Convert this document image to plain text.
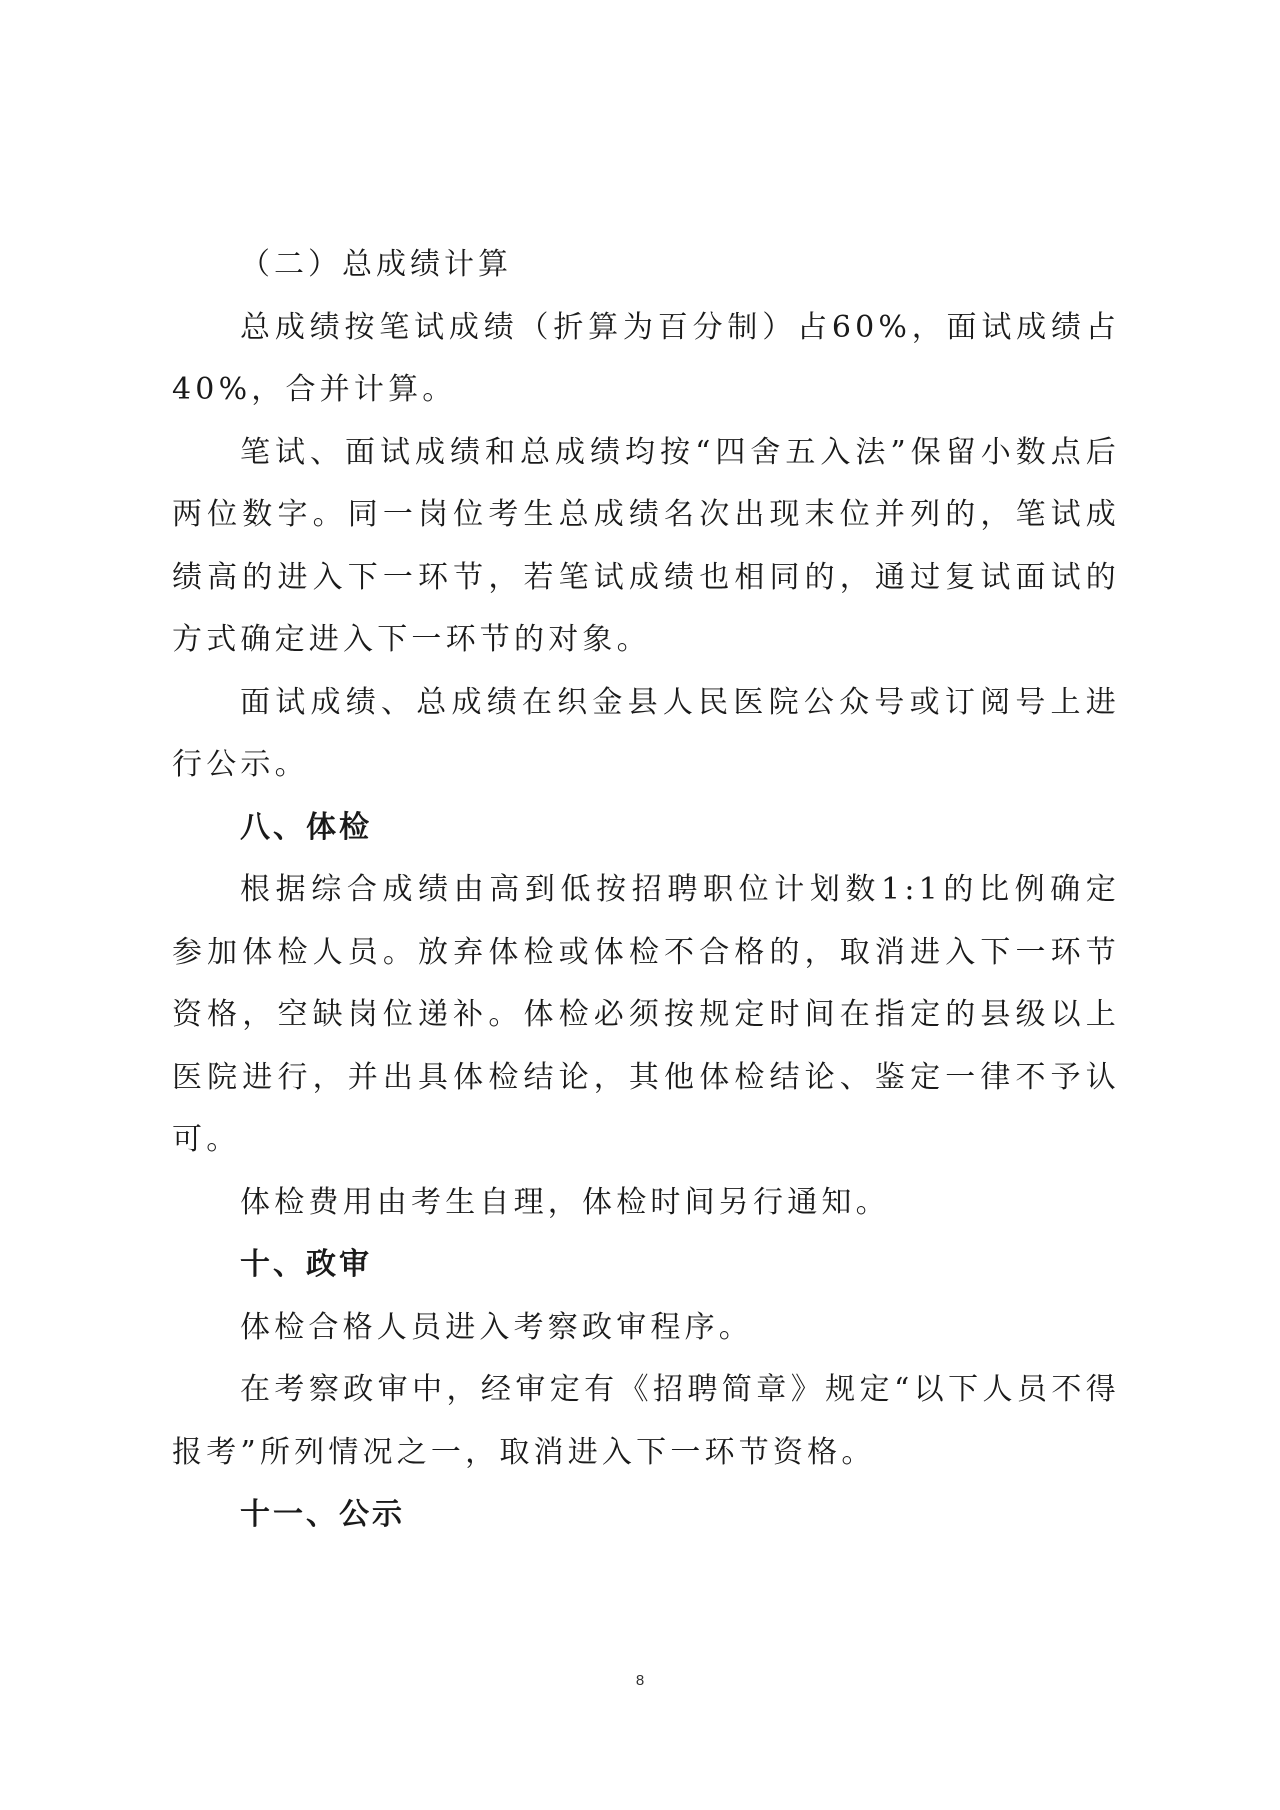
（二）总成绩计算

总成绩按笔试成绩（折算为百分制）占60%，面试成绩占40%，合并计算。

笔试、面试成绩和总成绩均按“四舍五入法”保留小数点后两位数字。同一岗位考生总成绩名次出现末位并列的，笔试成绩高的进入下一环节，若笔试成绩也相同的，通过复试面试的方式确定进入下一环节的对象。

面试成绩、总成绩在织金县人民医院公众号或订阅号上进行公示。

八、体检

根据综合成绩由高到低按招聘职位计划数1:1的比例确定参加体检人员。放弃体检或体检不合格的，取消进入下一环节资格，空缺岗位递补。体检必须按规定时间在指定的县级以上医院进行，并出具体检结论，其他体检结论、鉴定一律不予认可。

体检费用由考生自理，体检时间另行通知。

十、政审

体检合格人员进入考察政审程序。

在考察政审中，经审定有《招聘简章》规定“以下人员不得报考”所列情况之一，取消进入下一环节资格。

十一、公示

8
